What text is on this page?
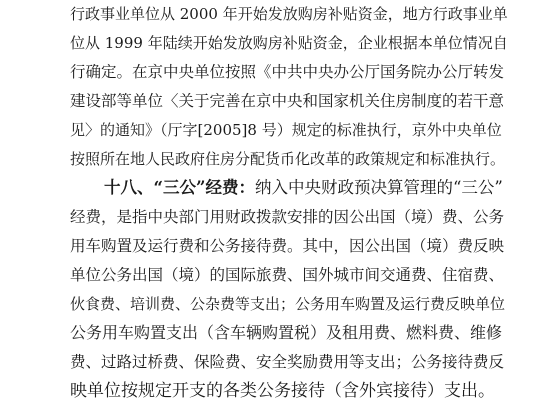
行政事业单位从 2000 年开始发放购房补贴资金，地方行政事业单
位从 1999 年陆续开始发放购房补贴资金，企业根据本单位情况自
行确定。在京中央单位按照《中共中央办公厅国务院办公厅转发
建设部等单位〈关于完善在京中央和国家机关住房制度的若干意
见〉的通知》（厅字[2005]8 号）规定的标准执行，京外中央单位
按照所在地人民政府住房分配货币化改革的政策规定和标准执行。
十八、“三公”经费：纳入中央财政预决算管理的“三公”
经费，是指中央部门用财政拨款安排的因公出国（境）费、公务
用车购置及运行费和公务接待费。其中，因公出国（境）费反映
单位公务出国（境）的国际旅费、国外城市间交通费、住宿费、
伙食费、培训费、公杂费等支出；公务用车购置及运行费反映单位
公务用车购置支出（含车辆购置税）及租用费、燃料费、维修
费、过路过桥费、保险费、安全奖励费用等支出；公务接待费反
映单位按规定开支的各类公务接待（含外宾接待）支出。
